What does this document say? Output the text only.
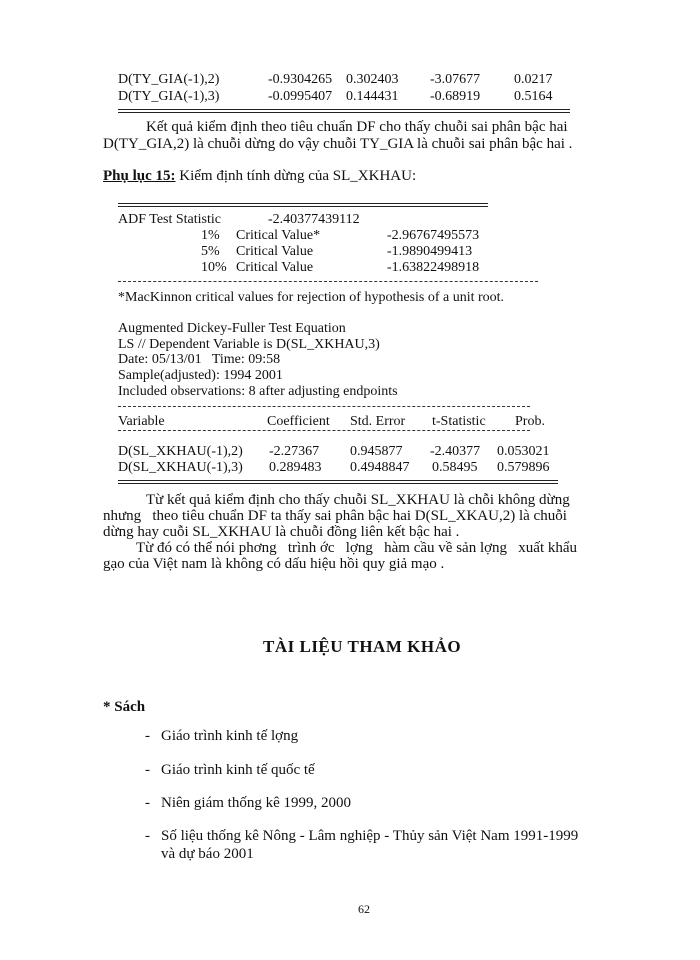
D(TY_GIA(-1),2)	-0.9304265 0.302403 -3.07677 0.0217
D(TY_GIA(-1),3)	-0.0995407 0.144431 -0.68919 0.5164
Kết quả kiểm định theo tiêu chuẩn DF cho thấy chuỗi sai phân bậc hai
D(TY_GIA,2) là chuỗi dừng do vậy chuỗi TY_GIA là chuỗi sai phân bậc hai .
Phụ lục 15: Kiểm định tính dừng của SL_XKHAU:
ADF Test Statistic	-2.40377439112
1% Critical Value*	-2.96767495573
5% Critical Value	-1.9890499413
10% Critical Value	-1.63822498918
*MacKinnon critical values for rejection of hypothesis of a unit root.
Augmented Dickey-Fuller Test Equation
LS // Dependent Variable is D(SL_XKHAU,3)
Date: 05/13/01   Time: 09:58
Sample(adjusted): 1994 2001
Included observations: 8 after adjusting endpoints
Variable	Coefficient Std. Error t-Statistic Prob.
D(SL_XKHAU(-1),2) -2.27367 0.945877 -2.40377 0.053021
D(SL_XKHAU(-1),3) 0.289483 0.4948847 0.58495 0.579896
Từ kết quả kiểm định cho thấy chuỗi SL_XKHAU là chỗi không dừng
nhưng   theo tiêu chuẩn DF ta thấy sai phân bậc hai D(SL_XKAU,2) là chuỗi
dừng hay cuỗi SL_XKHAU là chuỗi đồng liên kết bậc hai .
Từ đó có thể nói phơng   trình ớc   lợng   hàm cầu về sản lợng   xuất khẩu
gạo của Việt nam là không có dấu hiệu hồi quy giả mạo .
TÀI LIỆU THAM KHẢO
* Sách
- Giáo trình kinh tế lợng
- Giáo trình kinh tế quốc tế
- Niên giám thống kê 1999, 2000
- Số liệu thống kê Nông - Lâm nghiệp - Thủy sản Việt Nam 1991-1999
và dự báo 2001
62
